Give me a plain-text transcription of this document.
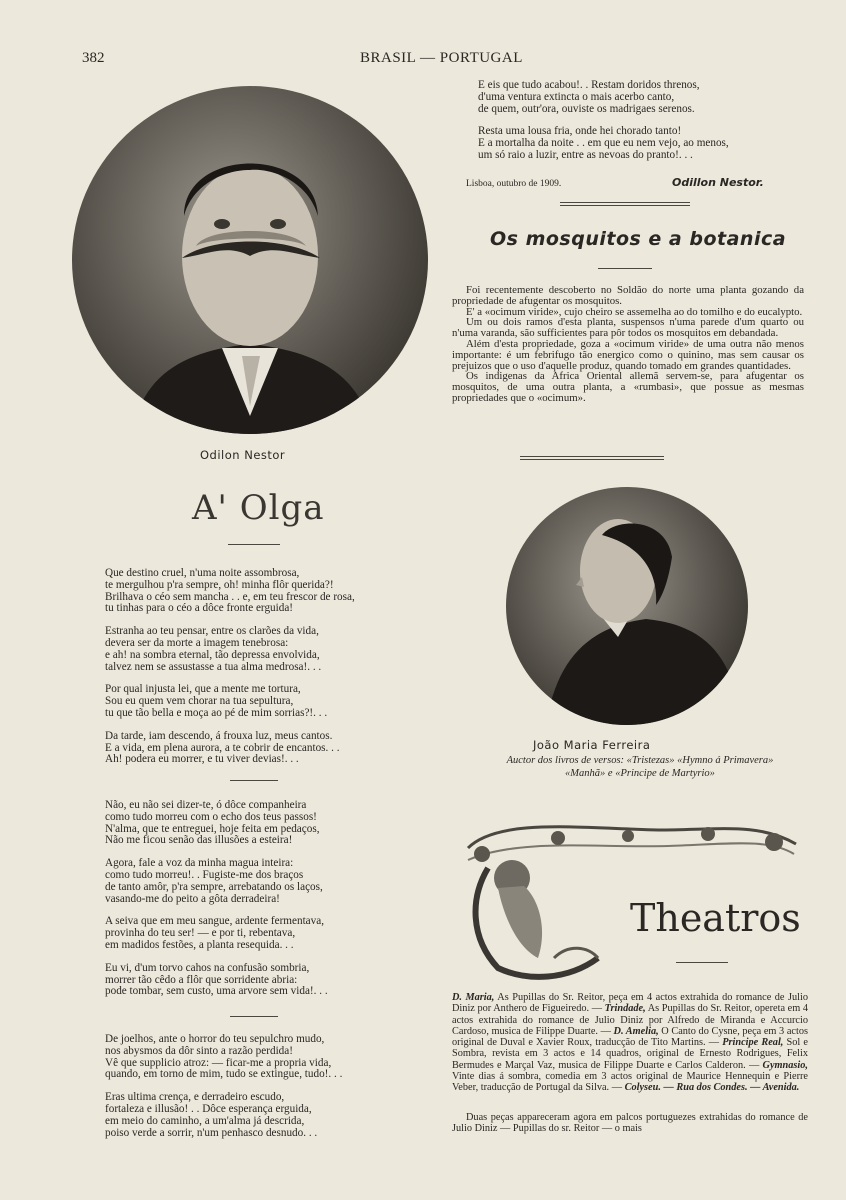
382	BRASIL — PORTUGAL
Odilon Nestor
A' Olga
Que destino cruel, n'uma noite assombrosa,
te mergulhou p'ra sempre, oh! minha flôr querida?!
Brilhava o céo sem mancha . . e, em teu frescor de rosa,
tu tinhas para o céo a dôce fronte erguida!
Estranha ao teu pensar, entre os clarões da vida,
devera ser da morte a imagem tenebrosa:
e ah! na sombra eternal, tão depressa envolvida,
talvez nem se assustasse a tua alma medrosa!. . .
Por qual injusta lei, que a mente me tortura,
Sou eu quem vem chorar na tua sepultura,
tu que tão bella e moça ao pé de mim sorrias?!. . .
Da tarde, iam descendo, á frouxa luz, meus cantos.
E a vida, em plena aurora, a te cobrir de encantos. . .
Ah! podera eu morrer, e tu viver devias!. . .
Não, eu não sei dizer-te, ó dôce companheira
como tudo morreu com o echo dos teus passos!
N'alma, que te entreguei, hoje feita em pedaços,
Não me ficou senão das illusões a esteira!
Agora, fale a voz da minha magua inteira:
como tudo morreu!. . Fugiste-me dos braços
de tanto amôr, p'ra sempre, arrebatando os laços,
vasando-me do peito a gôta derradeira!
A seiva que em meu sangue, ardente fermentava,
provinha do teu ser! — e por ti, rebentava,
em madidos festões, a planta resequida. . .
Eu vi, d'um torvo cahos na confusão sombria,
morrer tão cêdo a flôr que sorridente abria:
pode tombar, sem custo, uma arvore sem vida!. . .
De joelhos, ante o horror do teu sepulchro mudo,
nos abysmos da dôr sinto a razão perdida!
Vê que supplicio atroz: — ficar-me a propria vida,
quando, em torno de mim, tudo se extingue, tudo!. . .
Eras ultima crença, e derradeiro escudo,
fortaleza e illusão! . . Dôce esperança erguida,
em meio do caminho, a um'alma já descrida,
poiso verde a sorrir, n'um penhasco desnudo. . .
E eis que tudo acabou!. . Restam doridos threnos,
d'uma ventura extincta o mais acerbo canto,
de quem, outr'ora, ouviste os madrigaes serenos.
Resta uma lousa fria, onde hei chorado tanto!
E a mortalha da noite . . em que eu nem vejo, ao menos,
um só raio a luzir, entre as nevoas do pranto!. . .
Lisboa, outubro de 1909.	Odillon Nestor.
Os mosquitos e a botanica

Foi recentemente descoberto no Soldão do norte uma planta gozando da propriedade de afugentar os mosquitos.

E' a «ocimum viride», cujo cheiro se assemelha ao do tomilho e do eucalypto.

Um ou dois ramos d'esta planta, suspensos n'uma parede d'um quarto ou n'uma varanda, são sufficientes para pôr todos os mosquitos em debandada.

Além d'esta propriedade, goza a «ocimum viride» de uma outra não menos importante: é um febrifugo tão energico como o quinino, mas sem causar os prejuizos que o uso d'aquelle produz, quando tomado em grandes quantidades.

Os indigenas da Africa Oriental allemã servem-se, para afugentar os mosquitos, de uma outra planta, a «rumbasi», que possue as mesmas propriedades que o «ocimum».

João Maria Ferreira
Auctor dos livros de versos: «Tristezas» «Hymno á Primavera»
«Manhã» e «Principe de Martyrio»
Theatros
D. Maria, As Pupillas do Sr. Reitor, peça em 4 actos extrahida do romance de Julio Diniz por Anthero de Figueiredo. — Trindade, As Pupillas do Sr. Reitor, opereta em 4 actos extrahida do romance de Julio Diniz por Alfredo de Miranda e Accurcio Cardoso, musica de Filippe Duarte. — D. Amelia, O Canto do Cysne, peça em 3 actos original de Duval e Xavier Roux, traducção de Tito Martins. — Principe Real, Sol e Sombra, revista em 3 actos e 14 quadros, original de Ernesto Rodrigues, Felix Bermudes e Marçal Vaz, musica de Filippe Duarte e Carlos Calderon. — Gymnasio, Vinte dias á sombra, comedia em 3 actos original de Maurice Hennequin e Pierre Veber, traducção de Portugal da Silva. — Colyseu. — Rua dos Condes. — Avenida.
Duas peças appareceram agora em palcos portuguezes extrahidas do romance de Julio Diniz — Pupillas do sr. Reitor — o mais
